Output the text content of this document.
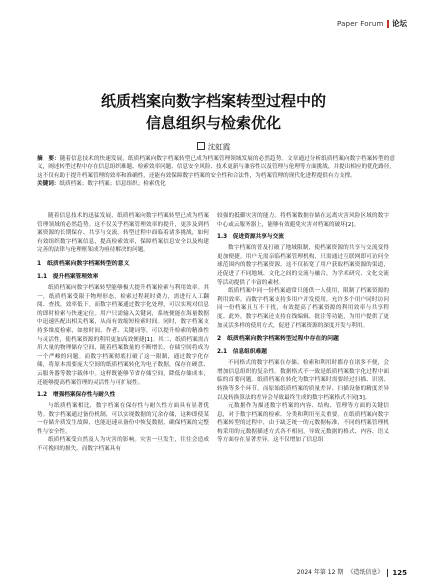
Paper Forum 论坛
纸质档案向数字档案转型过程中的
信息组织与检索优化
沈虹霞
摘　要：随着信息技术的快速发展，纸质档案向数字档案转型已成为档案管理领域发展的必然趋势。文章通过分析纸质档案向数字档案转型的意义，阐述转型过程中存在信息组织难题、检索效率问题、信息安全风险、技术更新与兼容性以及管理与伦理等方面挑战，并提出相应的优化路径，这不仅有助于提升档案管理的效率和准确性，还能有效保障数字档案的安全性和合法性，为档案管理的现代化进程提供有力支撑。
关键词：纸质档案；数字档案；信息组织；检索优化

随着信息技术的迅猛发展，纸质档案向数字档案转型已成为档案管理领域的必然趋势。这不仅关乎档案管理效率的提升，更涉及到档案资源的长期保存、共享与交流。转型过程中面临着诸多挑战，如何有效组织数字档案信息，提高检索效率，保障档案信息安全以及构建完善的法律与伦理框架成为亟待解决的问题。

1　纸质档案向数字档案转型的意义
1.1　提升档案管理效率

纸质档案向数字档案转型能够极大提升档案检索与利用效率。其一，纸质档案受限于物理形态，检索过程耗时费力，需进行人工翻阅、查找，效率低下。而数字档案通过数字化处理，可以实现对信息的即时检索与快速定位。用户只需输入关键词，系统便能在海量数据中迅速匹配出相关档案，从而有效缩短检索时间。同时，数字档案支持多维度检索，如按时间、作者、关键词等，可以提升检索的精准性与灵活性，使档案资源的利用更加高效便捷[1]。其二，纸质档案需占用大量的物理储存空间，随着档案数量的不断增长，存储空间将成为一个严峻的问题。而数字档案彻底打破了这一限制，通过数字化存储，将原本需要庞大空间的纸质档案转化为电子数据，保存在硬盘、云服务器等数字载体中。这样既能够节省存储空间，降低存储成本，还能够提高档案管理的灵活性与可扩展性。

1.2　增强档案保存性与耐久性

与纸质档案相比，数字档案在保存性与耐久性方面具有显著优势。数字档案通过备份机制，可以实现数据的冗余存储，这种即使某一存储介质发生故障，也能迅速从备份中恢复数据，确保档案的完整性与安全性。

纸质档案受自然及人为灾害的影响。灾害一旦发生，往往会造成不可挽回的损失。而数字档案具有

较强的抵御灾害的能力。将档案数据存储在远离灾害风险区域的数字中心或云服务器上，能够有效避免灾害对档案的破坏[2]。

1.3　促进资源共享与交流

数字档案的普及打破了地域限制，使档案资源的共享与交流变得更加便捷。用户无需亲临档案管理机构，只需通过互联网即可访问全球范围内的数字档案资源。这不仅拓宽了用户获取档案资源的渠道，还促进了不同地域、文化之间的交流与融合，为学术研究、文化交流等活动提供了丰富的素材。

纸质档案中同一份档案通常只能供一人使用，限制了档案资源的利用效率。而数字档案支持多用户并发使用，允许多个用户同时访问同一份档案且互不干扰，有效提高了档案资源的利用效率与共享程度。此外，数字档案还支持在线编辑、批注等功能，为用户提供了更加灵活多样的使用方式，促进了档案资源的深度开发与利用。

2　纸质档案向数字档案转型过程中存在的问题
2.1　信息组织难题

不同格式的数字档案在存储、检索和利用时都存在诸多不便，会增加信息组织的复杂性。数据格式不一致是纸质档案数字化过程中面临的首要问题。纸质档案在转化为数字档案时需要经过扫描、识别、转换等多个环节，而原始纸质档案的质量差异、扫描设备的精度差异以及转换算法的差异会导致最终生成的数字档案格式不同[3]。

元数据作为描述数字档案的内容、结构、管理等方面的关键信息，对于数字档案的检索、分类和利用至关重要。在纸质档案向数字档案转型的过程中，由于缺乏统一的元数据标准，不同的档案管理机构采用的元数据描述方式各不相同，导致元数据的格式、内容、语义等方面存在显著差异。这不仅增加了信息组

2024 年第 12 期 《造纸信息》 125
